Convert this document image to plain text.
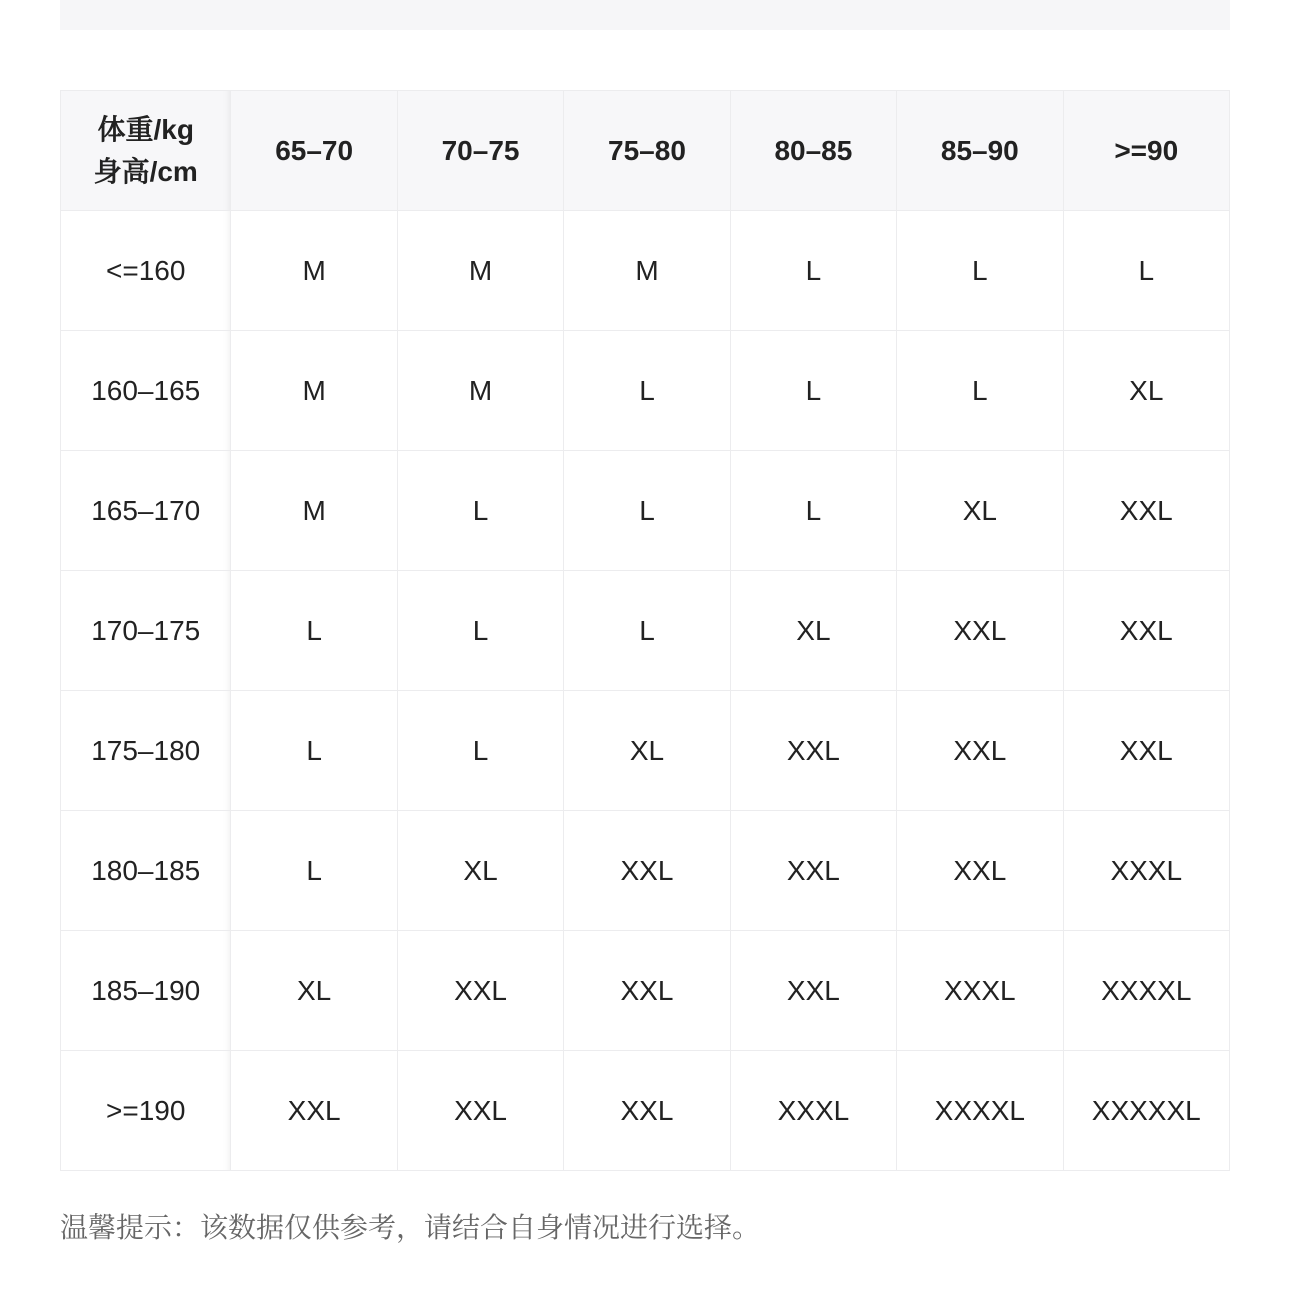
体重/kg
身高/cm	65–70	70–75	75–80	80–85	85–90	>=90
<=160	M	M	M	L	L	L
160–165	M	M	L	L	L	XL
165–170	M	L	L	L	XL	XXL
170–175	L	L	L	XL	XXL	XXL
175–180	L	L	XL	XXL	XXL	XXL
180–185	L	XL	XXL	XXL	XXL	XXXL
185–190	XL	XXL	XXL	XXL	XXXL	XXXXL
>=190	XXL	XXL	XXL	XXXL	XXXXL	XXXXXL
温馨提示：该数据仅供参考，请结合自身情况进行选择。
